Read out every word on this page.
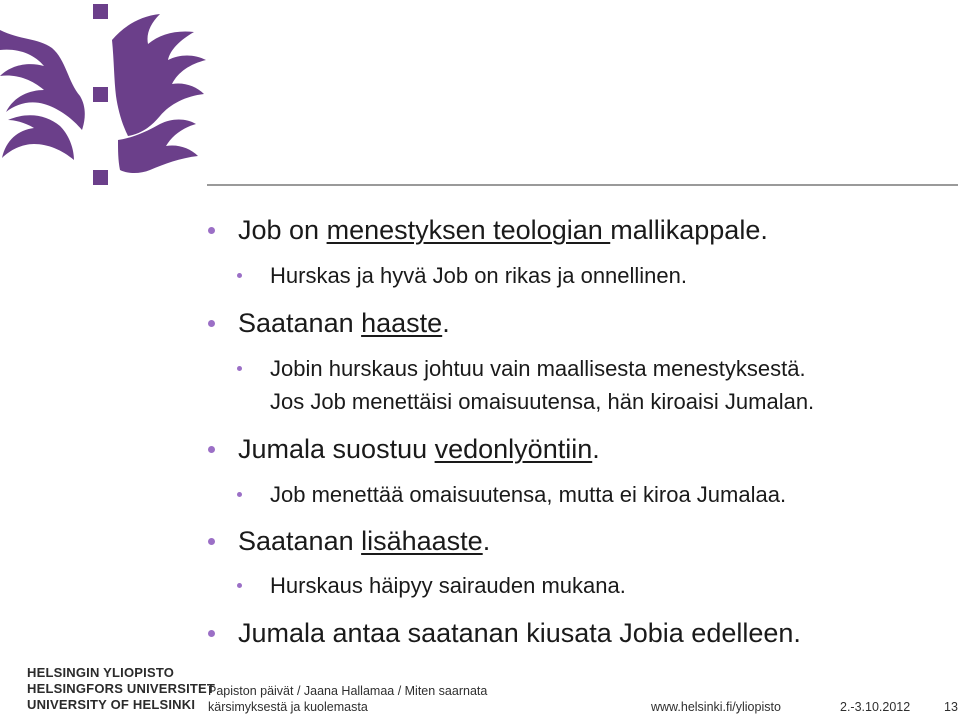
Job on menestyksen teologian mallikappale.
Hurskas ja hyvä Job on rikas ja onnellinen.
Saatanan haaste.
Jobin hurskaus johtuu vain maallisesta menestyksestä.
Jos Job menettäisi omaisuutensa, hän kiroaisi Jumalan.
Jumala suostuu vedonlyöntiin.
Job menettää omaisuutensa, mutta ei kiroa Jumalaa.
Saatanan lisähaaste.
Hurskaus häipyy sairauden mukana.
Jumala antaa saatanan kiusata Jobia edelleen.
HELSINGIN YLIOPISTO
HELSINGFORS UNIVERSITET
UNIVERSITY OF HELSINKI
Papiston päivät / Jaana Hallamaa / Miten saarnata
kärsimyksestä ja kuolemasta	www.helsinki.fi/yliopisto	2.-3.10.2012	13
